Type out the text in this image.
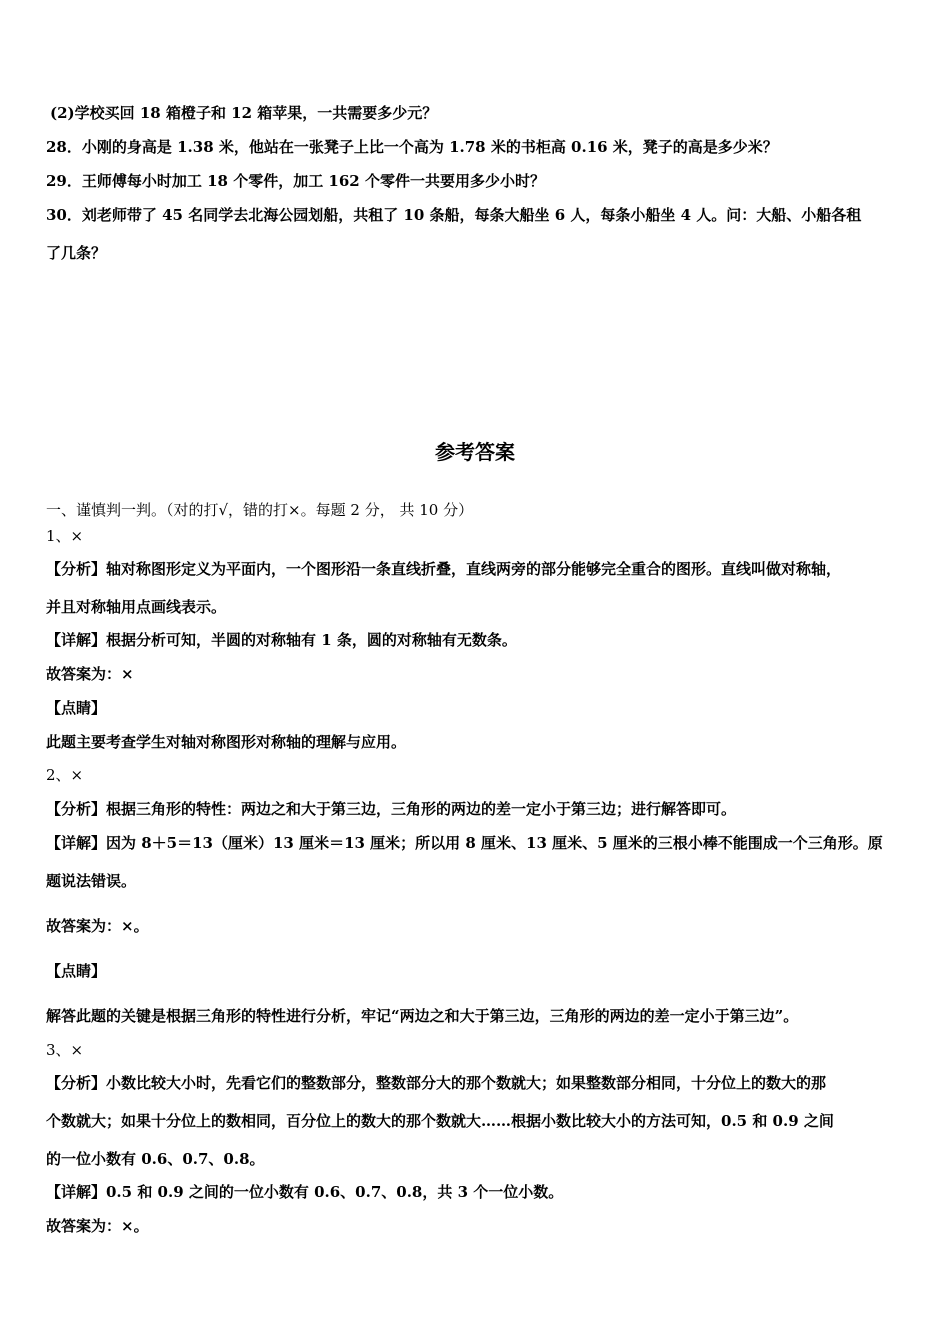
(2)学校买回 18 箱橙子和 12 箱苹果，一共需要多少元？
28．小刚的身高是 1.38 米，他站在一张凳子上比一个高为 1.78 米的书柜高 0.16 米，凳子的高是多少米？
29．王师傅每小时加工 18 个零件，加工 162 个零件一共要用多少小时？
30．刘老师带了 45 名同学去北海公园划船，共租了 10 条船，每条大船坐 6 人，每条小船坐 4 人。问：大船、小船各租
了几条？
参考答案
一、谨慎判一判。（对的打√，错的打×。每题 2 分， 共 10 分）
1、×
【分析】轴对称图形定义为平面内，一个图形沿一条直线折叠，直线两旁的部分能够完全重合的图形。直线叫做对称轴，
并且对称轴用点画线表示。
【详解】根据分析可知，半圆的对称轴有 1 条，圆的对称轴有无数条。
故答案为：×
【点睛】
此题主要考查学生对轴对称图形对称轴的理解与应用。
2、×
【分析】根据三角形的特性：两边之和大于第三边，三角形的两边的差一定小于第三边；进行解答即可。
【详解】因为 8＋5＝13（厘米）13 厘米＝13 厘米；所以用 8 厘米、13 厘米、5 厘米的三根小棒不能围成一个三角形。原
题说法错误。
故答案为：×。
【点睛】
解答此题的关键是根据三角形的特性进行分析，牢记“两边之和大于第三边，三角形的两边的差一定小于第三边”。
3、×
【分析】小数比较大小时，先看它们的整数部分，整数部分大的那个数就大；如果整数部分相同，十分位上的数大的那
个数就大；如果十分位上的数相同，百分位上的数大的那个数就大……根据小数比较大小的方法可知，0.5 和 0.9 之间
的一位小数有 0.6、0.7、0.8。
【详解】0.5 和 0.9 之间的一位小数有 0.6、0.7、0.8，共 3 个一位小数。
故答案为：×。
